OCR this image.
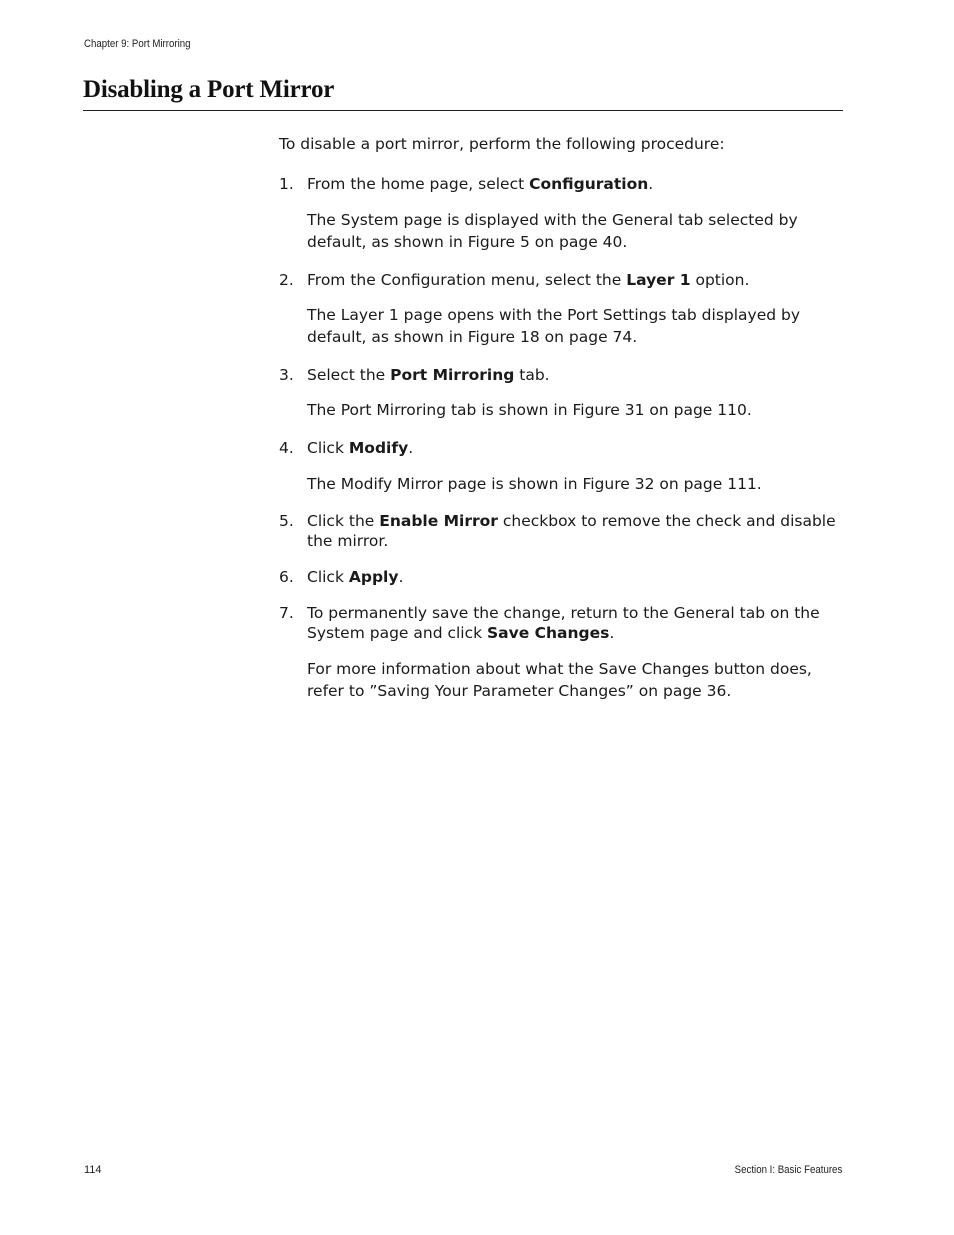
Chapter 9: Port Mirroring
Disabling a Port Mirror
To disable a port mirror, perform the following procedure:
1. From the home page, select Configuration.
The System page is displayed with the General tab selected by default, as shown in Figure 5 on page 40.
2. From the Configuration menu, select the Layer 1 option.
The Layer 1 page opens with the Port Settings tab displayed by default, as shown in Figure 18 on page 74.
3. Select the Port Mirroring tab.
The Port Mirroring tab is shown in Figure 31 on page 110.
4. Click Modify.
The Modify Mirror page is shown in Figure 32 on page 111.
5. Click the Enable Mirror checkbox to remove the check and disable the mirror.
6. Click Apply.
7. To permanently save the change, return to the General tab on the System page and click Save Changes.
For more information about what the Save Changes button does, refer to ”Saving Your Parameter Changes” on page 36.
114	Section I: Basic Features
